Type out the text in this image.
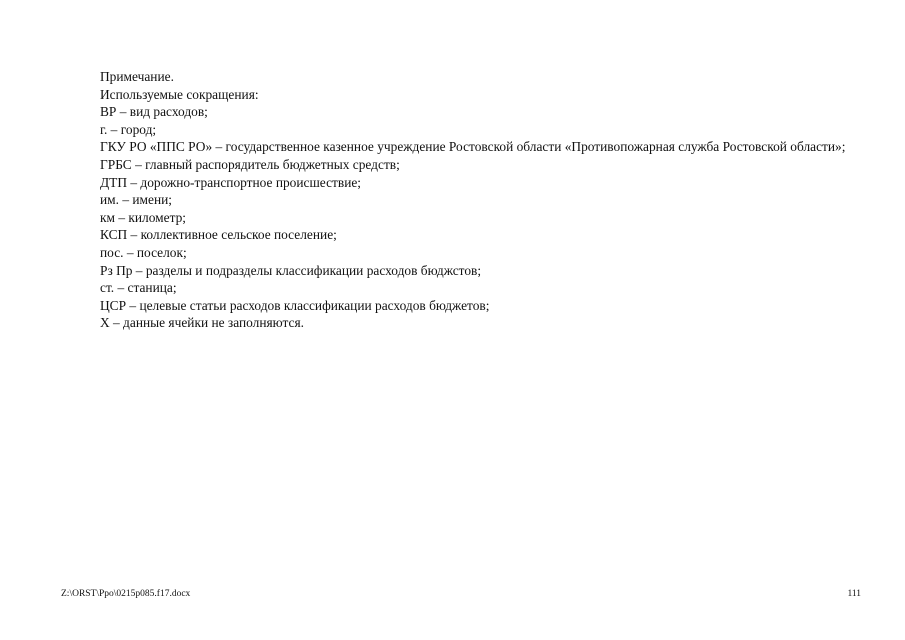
Примечание.
Используемые сокращения:
ВР – вид расходов;
г. – город;
ГКУ РО «ППС РО» – государственное казенное учреждение Ростовской области «Противопожарная служба Ростовской области»;
ГРБС – главный распорядитель бюджетных средств;
ДТП – дорожно-транспортное происшествие;
им. – имени;
км – километр;
КСП – коллективное сельское поселение;
пос. – поселок;
Рз Пр – разделы и подразделы классификации расходов бюджстов;
ст. – станица;
ЦСР – целевые статьи расходов классификации расходов бюджетов;
Х – данные ячейки не заполняются.
Z:\ORST\Ppo\0215p085.f17.docx	111
